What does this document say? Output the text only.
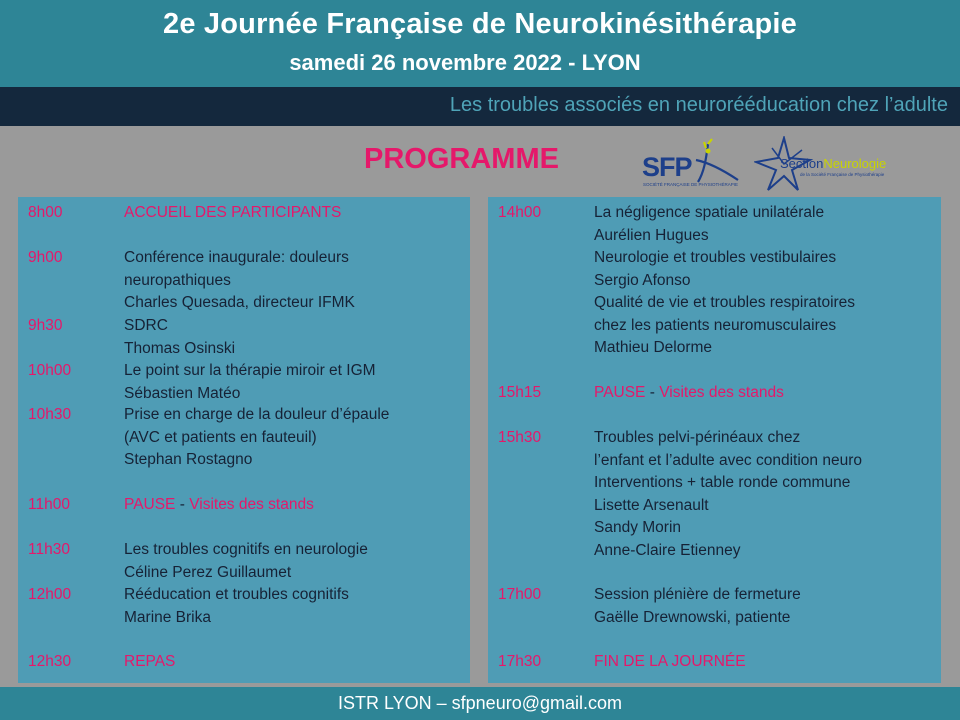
2e Journée Française de Neurokinésithérapie
samedi 26 novembre 2022 - LYON
Les troubles associés en neurorééducation chez l’adulte
PROGRAMME	SFP
SOCIÉTÉ FRANÇAISE DE PHYSIOTHÉRAPIE
SectionNeurologie
de la Société Française de Physiothérapie
8h00	ACCUEIL DES PARTICIPANTS
9h00	Conférence inaugurale: douleurs
neuropathiques
Charles Quesada, directeur IFMK
9h30	SDRC
Thomas Osinski
10h00	Le point sur la thérapie miroir et IGM
Sébastien Matéo
10h30	Prise en charge de la douleur d’épaule
(AVC et patients en fauteuil)
Stephan Rostagno
11h00	PAUSE - Visites des stands
11h30	Les troubles cognitifs en neurologie
Céline Perez Guillaumet
12h00	Rééducation et troubles cognitifs
Marine Brika
12h30	REPAS
14h00	La négligence spatiale unilatérale
Aurélien Hugues
Neurologie et troubles vestibulaires
Sergio Afonso
Qualité de vie et troubles respiratoires
chez les patients neuromusculaires
Mathieu Delorme
15h15	PAUSE - Visites des stands
15h30	Troubles pelvi-périnéaux chez
l’enfant et l’adulte avec condition neuro
Interventions + table ronde commune
Lisette Arsenault
Sandy Morin
Anne-Claire Etienney
17h00	Session plénière de fermeture
Gaëlle Drewnowski, patiente
17h30	FIN DE LA JOURNÉE
ISTR LYON – sfpneuro@gmail.com
